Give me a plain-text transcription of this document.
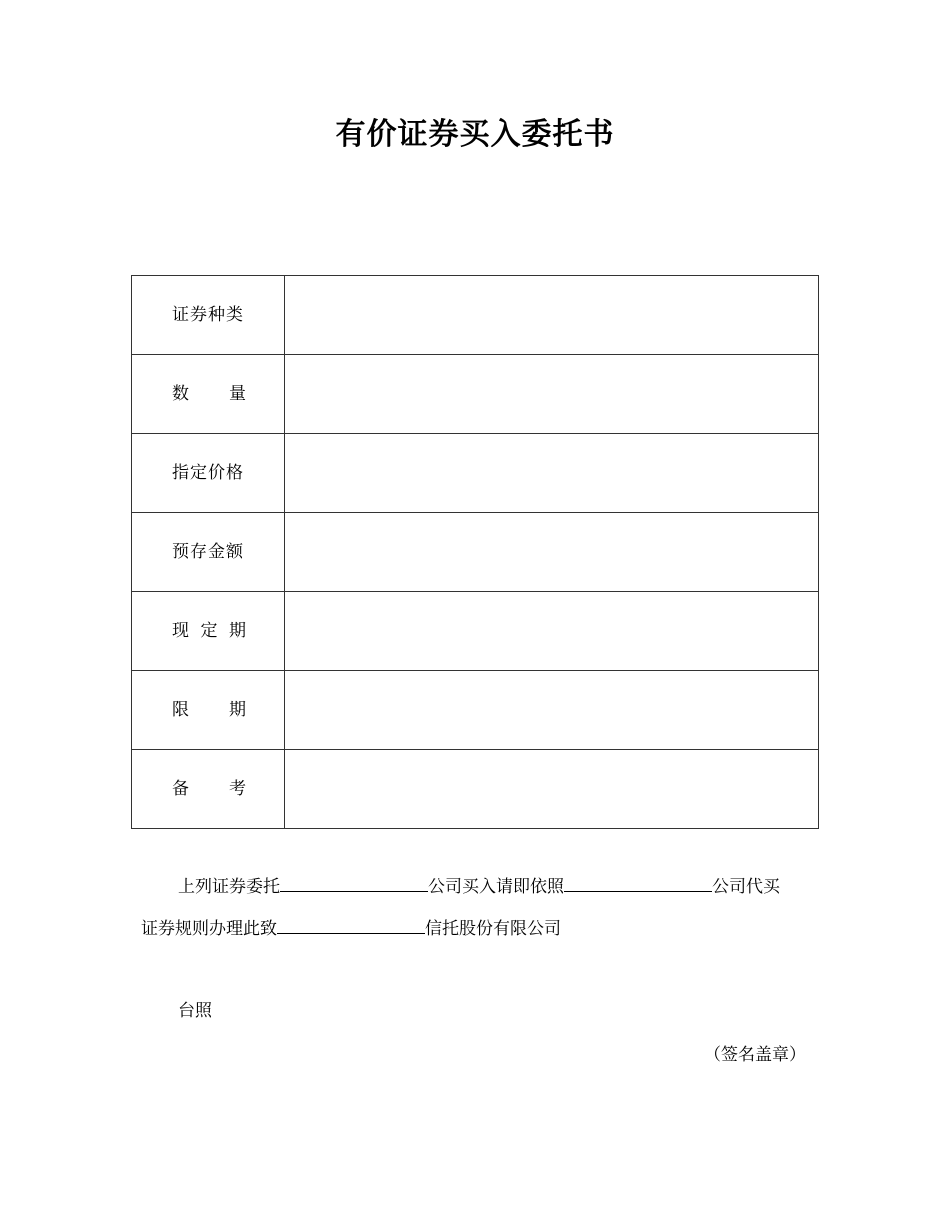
有价证券买入委托书
证券种类	

数 量	

指定价格	

预存金额	

现 定 期	

限 期	

备 考	

上列证券委托	公司买入请即依照	公司代买
证券规则办理此致	信托股份有限公司
台照
（签名盖章）
